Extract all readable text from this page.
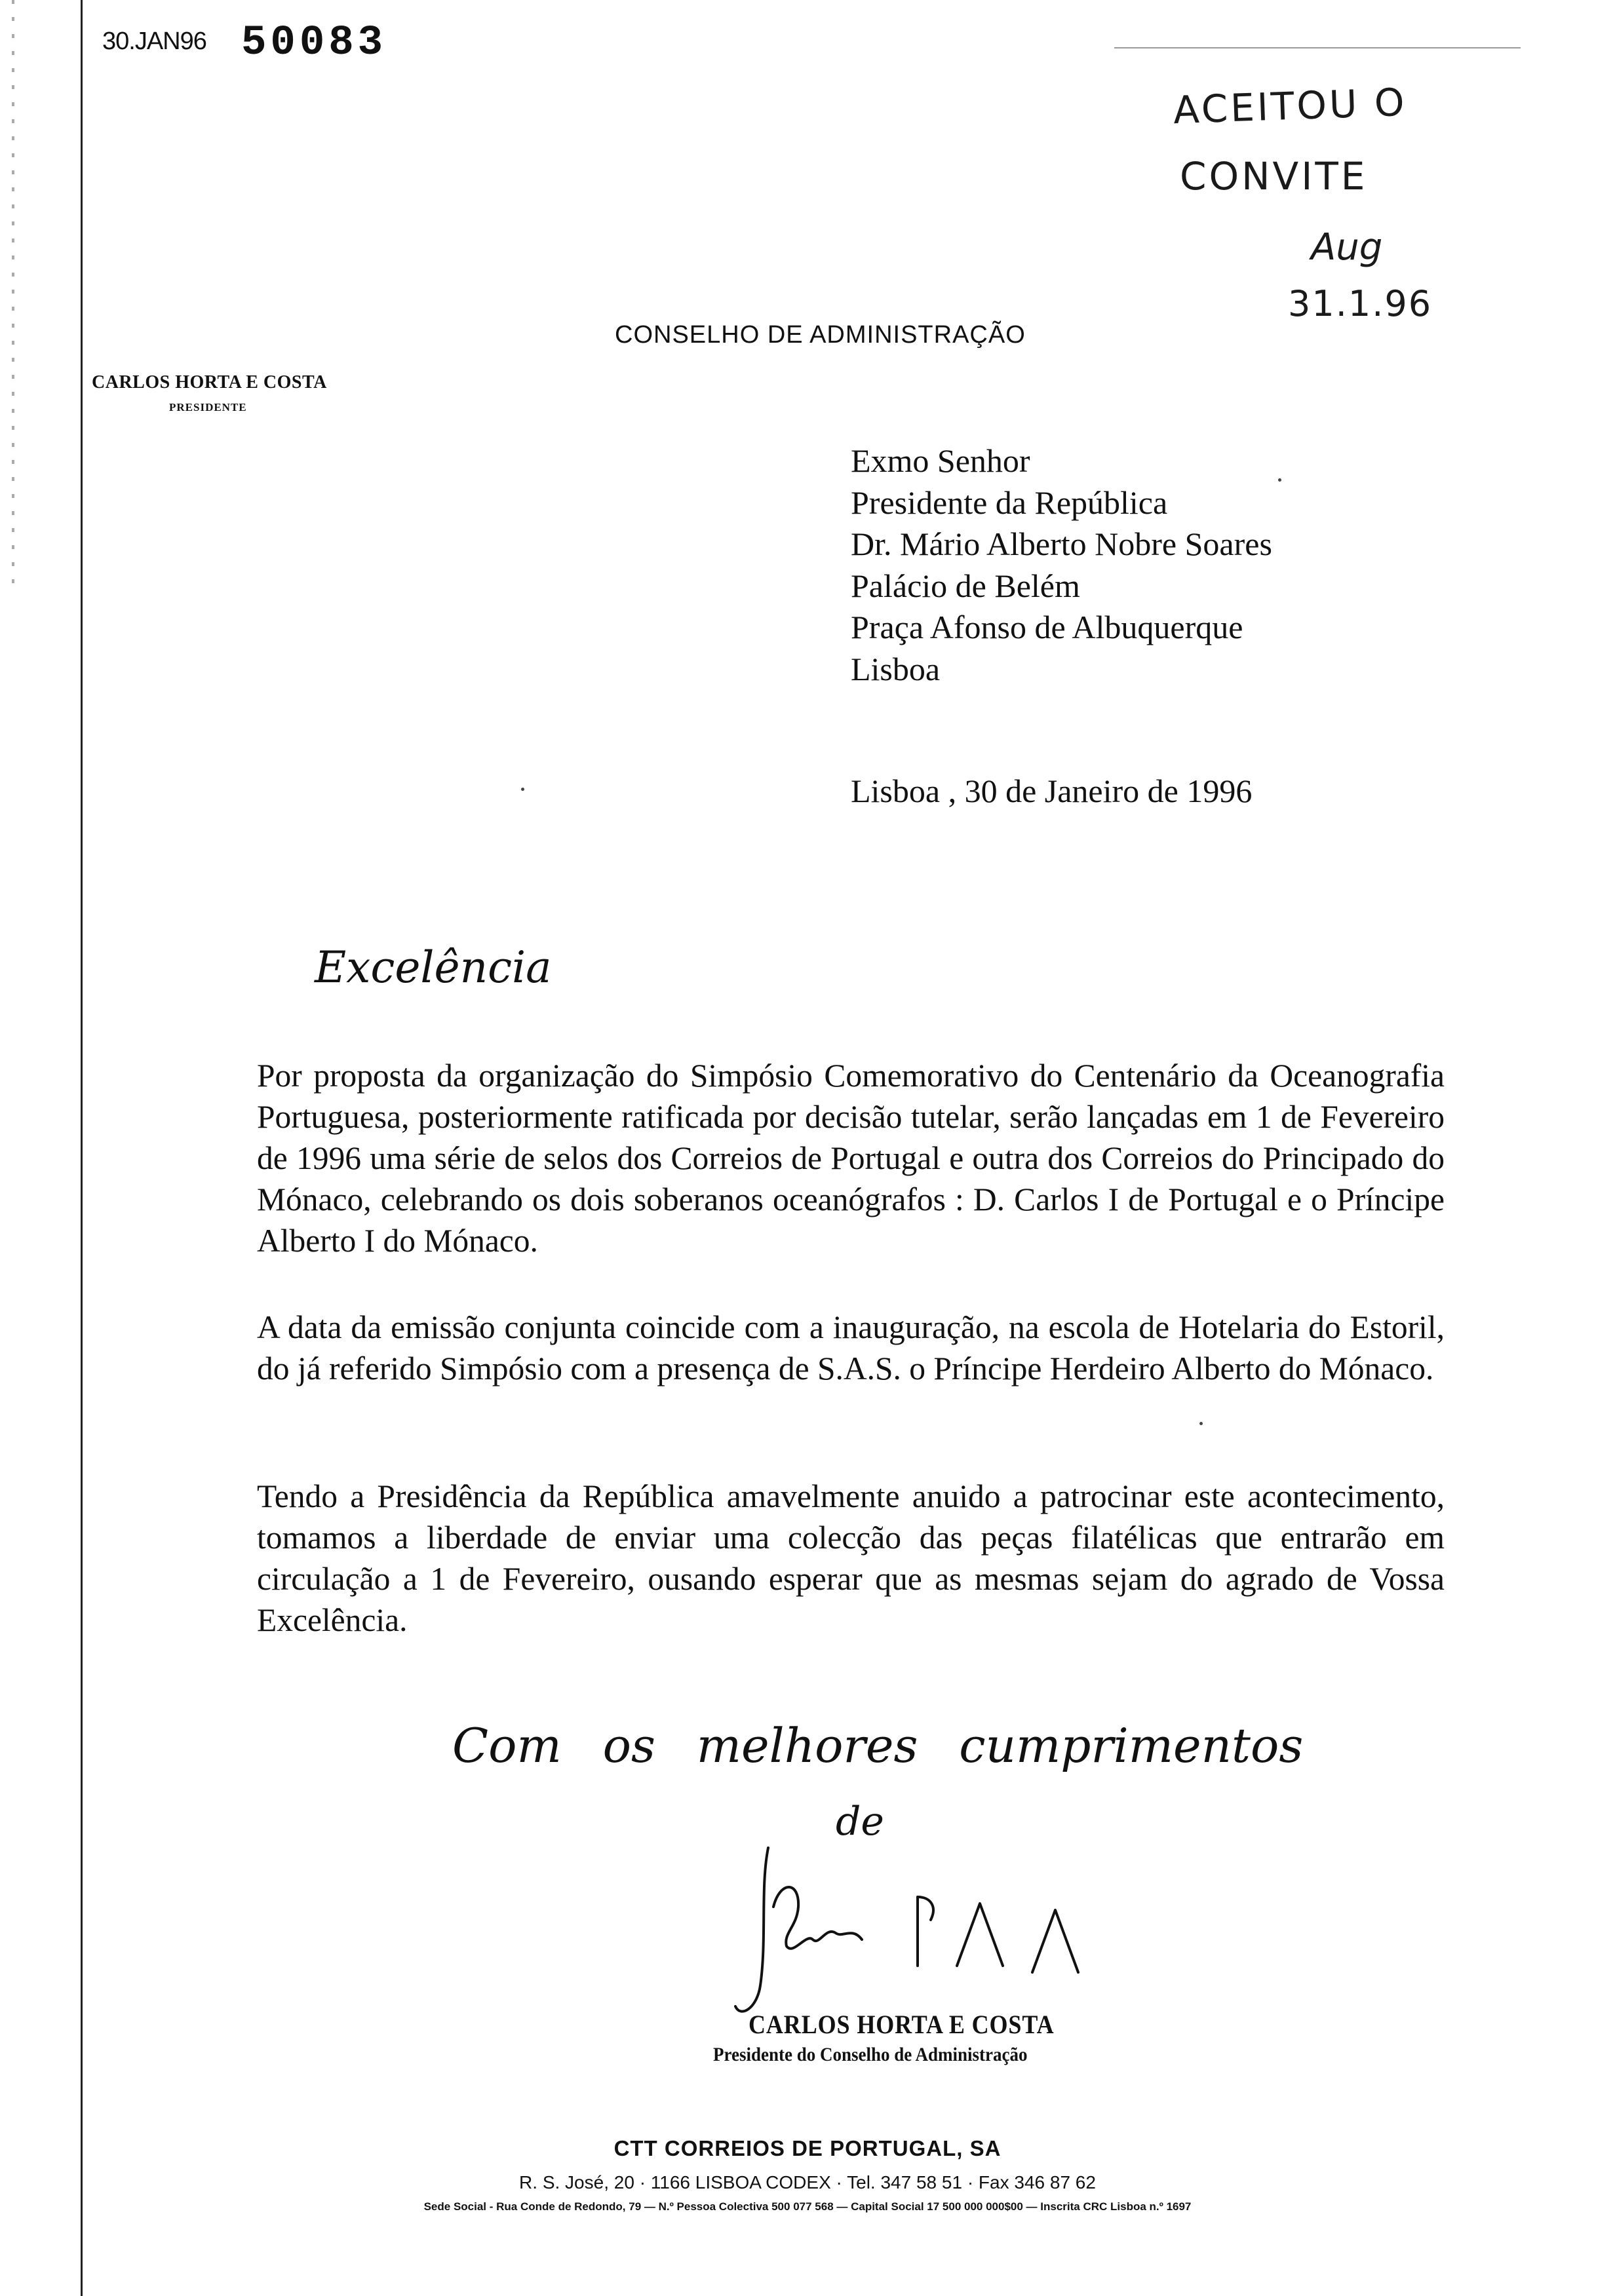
30.JAN96 50083
ACEITOU O
CONVITE
Aug
31.1.96
CONSELHO DE ADMINISTRAÇÃO
CARLOS HORTA E COSTA
PRESIDENTE
Exmo Senhor
Presidente da República
Dr. Mário Alberto Nobre Soares
Palácio de Belém
Praça Afonso de Albuquerque
Lisboa
Lisboa , 30 de Janeiro de 1996
Excelência
Por proposta da organização do Simpósio Comemorativo do Centenário da Oceanografia Portuguesa, posteriormente ratificada por decisão tutelar, serão lançadas em 1 de Fevereiro de 1996 uma série de selos dos Correios de Portugal e outra dos Correios do Principado do Mónaco, celebrando os dois soberanos oceanógrafos : D. Carlos I de Portugal e o Príncipe Alberto I do Mónaco.
A data da emissão conjunta coincide com a inauguração, na escola de Hotelaria do Estoril, do já referido Simpósio com a presença de S.A.S. o Príncipe Herdeiro Alberto do Mónaco.
Tendo a Presidência da República amavelmente anuido a patrocinar este acontecimento, tomamos a liberdade de enviar uma colecção das peças filatélicas que entrarão em circulação a 1 de Fevereiro, ousando esperar que as mesmas sejam do agrado de Vossa Excelência.
Com os melhores cumprimentos
de
CARLOS HORTA E COSTA
Presidente do Conselho de Administração
CTT CORREIOS DE PORTUGAL, SA
R. S. José, 20 · 1166 LISBOA CODEX · Tel. 347 58 51 · Fax 346 87 62
Sede Social - Rua Conde de Redondo, 79 — N.º Pessoa Colectiva 500 077 568 — Capital Social 17 500 000 000$00 — Inscrita CRC Lisboa n.º 1697
